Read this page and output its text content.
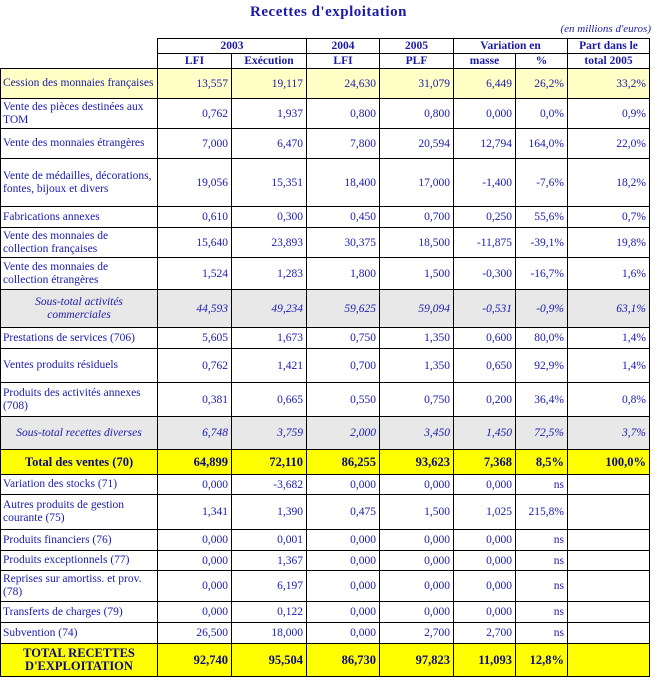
Recettes d'exploitation
(en millions d'euros)
	2003		2004	2005	Variation en		Part dans le
	LFI	Exécution	LFI	PLF	masse	%	total 2005
Cession des monnaies françaises	13,557	19,117	24,630	31,079	6,449	26,2%	33,2%
Vente des pièces destinées aux TOM	0,762	1,937	0,800	0,800	0,000	0,0%	0,9%
Vente des monnaies étrangères	7,000	6,470	7,800	20,594	12,794	164,0%	22,0%
Vente de médailles, décorations, fontes, bijoux et divers	19,056	15,351	18,400	17,000	-1,400	-7,6%	18,2%
Fabrications annexes	0,610	0,300	0,450	0,700	0,250	55,6%	0,7%
Vente des monnaies de collection françaises	15,640	23,893	30,375	18,500	-11,875	-39,1%	19,8%
Vente des monnaies de collection étrangères	1,524	1,283	1,800	1,500	-0,300	-16,7%	1,6%
Sous-total activités commerciales	44,593	49,234	59,625	59,094	-0,531	-0,9%	63,1%
Prestations de services (706)	5,605	1,673	0,750	1,350	0,600	80,0%	1,4%
Ventes produits résiduels	0,762	1,421	0,700	1,350	0,650	92,9%	1,4%
Produits des activités annexes (708)	0,381	0,665	0,550	0,750	0,200	36,4%	0,8%
Sous-total recettes diverses	6,748	3,759	2,000	3,450	1,450	72,5%	3,7%
Total des ventes (70)	64,899	72,110	86,255	93,623	7,368	8,5%	100,0%
Variation des stocks (71)	0,000	-3,682	0,000	0,000	0,000	ns	
Autres produits de gestion courante (75)	1,341	1,390	0,475	1,500	1,025	215,8%	
Produits financiers (76)	0,000	0,001	0,000	0,000	0,000	ns	
Produits exceptionnels (77)	0,000	1,367	0,000	0,000	0,000	ns	
Reprises sur amortiss. et prov. (78)	0,000	6,197	0,000	0,000	0,000	ns	
Transferts de charges (79)	0,000	0,122	0,000	0,000	0,000	ns	
Subvention (74)	26,500	18,000	0,000	2,700	2,700	ns	
TOTAL RECETTES D'EXPLOITATION	92,740	95,504	86,730	97,823	11,093	12,8%	
